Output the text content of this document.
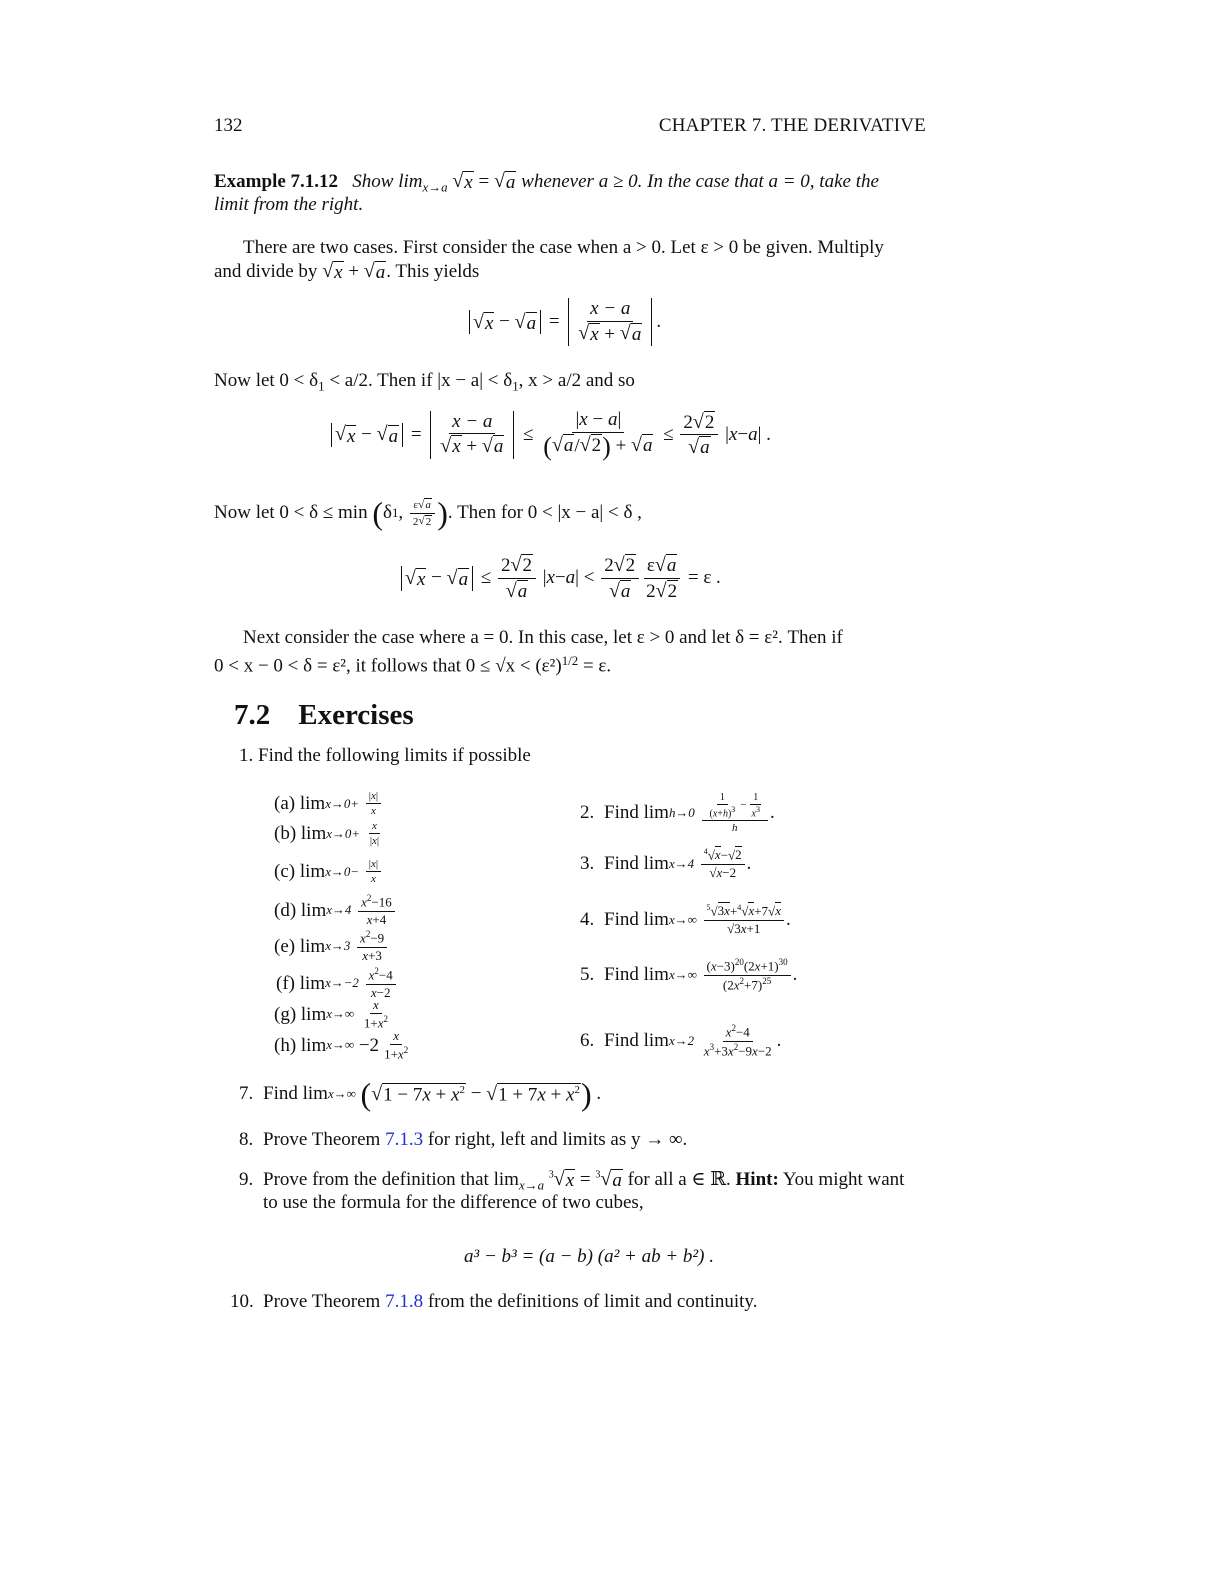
132	CHAPTER 7. THE DERIVATIVE
Example 7.1.12 Show $\lim_{x\to a}$ √ x = √ a whenever a ≥ 0. In the case that a = 0, take the
limit from the right.
There are two cases. First consider the case when a > 0. Let ε > 0 be given. Multiply
and divide by √ x + √ a . This yields
√ x − √ $a = \frac{x - a}{√ x + √ a}$ .
Now let $0 < \delta_1 < a/2$. Then if $|x - a| < \delta_1$, x > a/2 and so
√ x − √ $a = \frac{x - a}{√ x + √ a} \le \frac{|x - a|}{( √ a / √ 2 ) + √ a} \le \frac{2 √ 2}{√ a}$ | x − a | .
Now let 0 < δ ≤ min
( δ 1 , $\frac{\varepsilon √ a}{2 √ 2}$ ) . Then for 0 < |x − a| < δ ,
√ x − √ $a \le \frac{2 √ 2}{√ a}$ | x − a | < $\frac{2 √ 2}{√ a} \frac{\varepsilon √ a}{2 √ 2} = \varepsilon$ .
Next consider the case where a = 0. In this case, let ε > 0 and let δ = ε². Then if
0 < x − 0 < δ = ε², it follows that $0 \le √x < (\varepsilon^2)^{1/2} = \varepsilon$.
7.2 Exercises
1. Find the following limits if possible
(a) lim x→0+
$\frac{|x|}{x}$
(b) lim x→0+
$\frac{x}{|x|}$
(c) lim x→0−
$\frac{|x|}{x}$
(d) lim x→4
$\frac{x^2-16}{x+4}$
(e) lim x→3
$\frac{x^2-9}{x+3}$
(f) lim x→−2
$\frac{x^2-4}{x-2}$
(g) lim x→∞
$\frac{x}{1+x^2}$
(h) $\lim x\to\infty -2 \frac{x}{1+x^2}$
2. Find lim h→0
$\frac{\frac{1}{(x+h)^3} - \frac{1}{x^3}}{h}$ .
3. Find lim x→4
$\frac{^4√x-√2}{√x-2}$ .
4. Find lim x→∞
$\frac{^5√3x+^4√x+7√x}{√3x+1}$ .
5. Find lim x→∞
$\frac{(x-3)^{20}(2x+1)^{30}}{(2x^2+7)^{25}}$ .
6. Find lim x→2
$\frac{x^2-4}{x^3+3x^2-9x-2}$ .
7. Find lim x→∞
( √ $1 - 7x + x^2$ − √ $1 + 7x + x^2$ ) .
8. Prove Theorem 7.1.3 for right, left and limits as y → ∞.
9. Prove from the definition that $\lim_{x\to a} ^3$ √ x = $^3$ √ a for all a ∈ ℝ. Hint: You might want
to use the formula for the difference of two cubes,
a³ − b³ = (a − b) (a² + ab + b²) .
10. Prove Theorem 7.1.8 from the definitions of limit and continuity.
